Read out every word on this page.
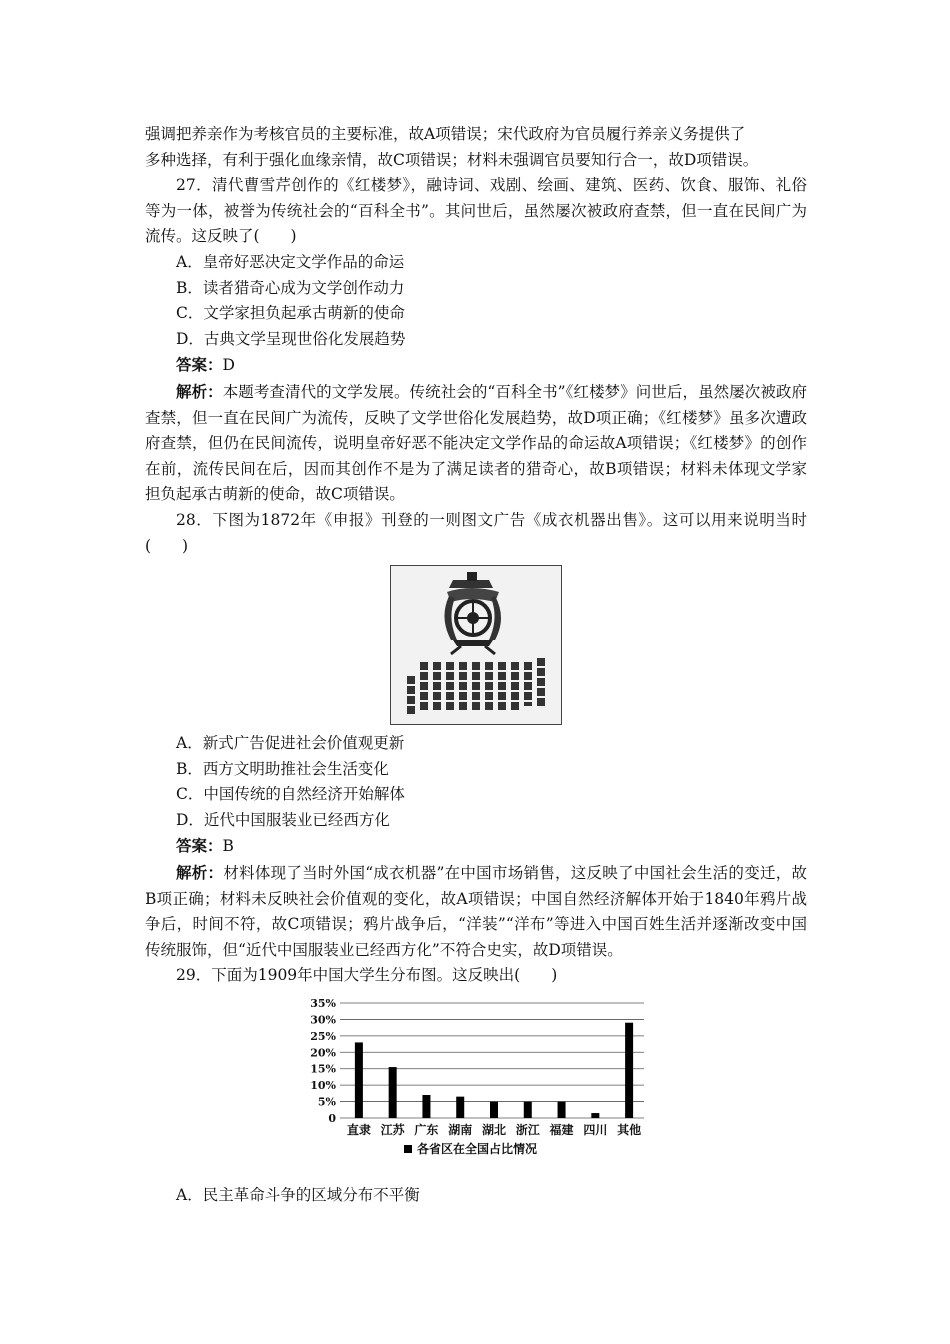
强调把养亲作为考核官员的主要标准，故A项错误；宋代政府为官员履行养亲义务提供了

多种选择，有利于强化血缘亲情，故C项错误；材料未强调官员要知行合一，故D项错误。

27．清代曹雪芹创作的《红楼梦》，融诗词、戏剧、绘画、建筑、医药、饮食、服饰、礼俗等为一体，被誉为传统社会的“百科全书”。其问世后，虽然屡次被政府查禁，但一直在民间广为流传。这反映了(　　)

A．皇帝好恶决定文学作品的命运

B．读者猎奇心成为文学创作动力

C．文学家担负起承古萌新的使命

D．古典文学呈现世俗化发展趋势

答案：D

解析：本题考查清代的文学发展。传统社会的“百科全书”《红楼梦》问世后，虽然屡次被政府查禁，但一直在民间广为流传，反映了文学世俗化发展趋势，故D项正确；《红楼梦》虽多次遭政府查禁，但仍在民间流传，说明皇帝好恶不能决定文学作品的命运故A项错误；《红楼梦》的创作在前，流传民间在后，因而其创作不是为了满足读者的猎奇心，故B项错误；材料未体现文学家担负起承古萌新的使命，故C项错误。

28．下图为1872年《申报》刊登的一则图文广告《成衣机器出售》。这可以用来说明当时(　　)

A．新式广告促进社会价值观更新

B．西方文明助推社会生活变化

C．中国传统的自然经济开始解体

D．近代中国服装业已经西方化

答案：B

解析：材料体现了当时外国“成衣机器”在中国市场销售，这反映了中国社会生活的变迁，故B项正确；材料未反映社会价值观的变化，故A项错误；中国自然经济解体开始于1840年鸦片战争后，时间不符，故C项错误；鸦片战争后，“洋装”“洋布”等进入中国百姓生活并逐渐改变中国传统服饰，但“近代中国服装业已经西方化”不符合史实，故D项错误。

29．下面为1909年中国大学生分布图。这反映出(　　)

0
5%
10%
15%
20%
25%
30%
35%
直隶 江苏 广东 湖南 湖北 浙江 福建 四川 其他
各省区在全国占比情况

A．民主革命斗争的区域分布不平衡
